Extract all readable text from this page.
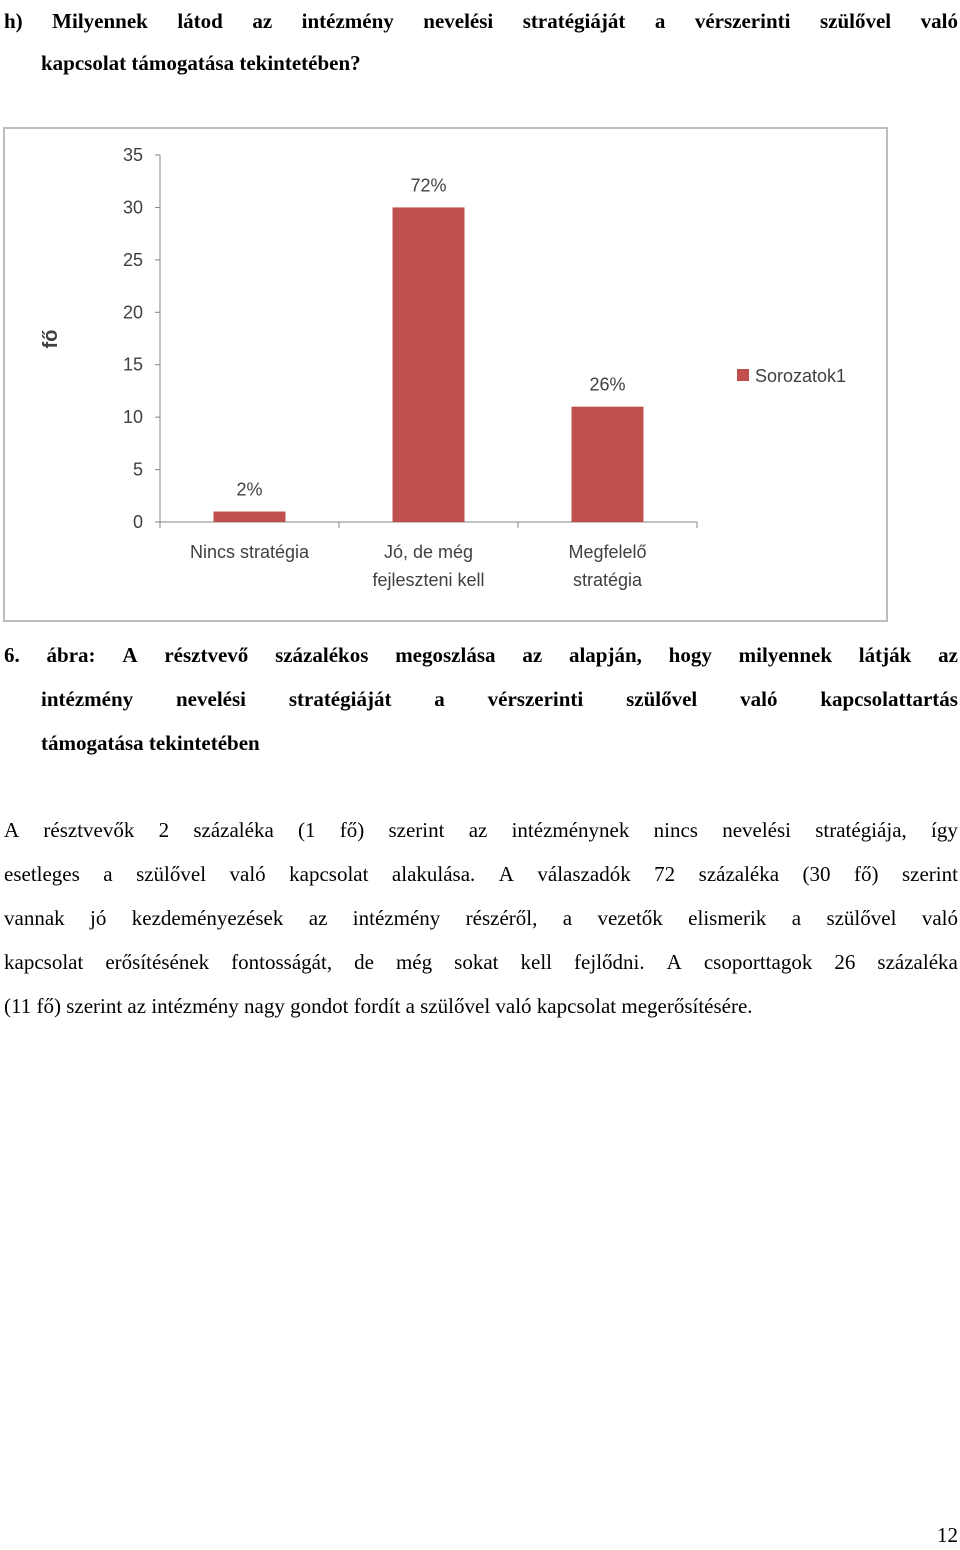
h) Milyennek látod az intézmény nevelési stratégiáját a vérszerinti szülővel való
kapcsolat támogatása tekintetében?
0
5
10
15
20
25
30
35
fő
2%
Nincs stratégia
72%
Jó, de még
fejleszteni kell
26%
Megfelelő
stratégia
Sorozatok1
6. ábra: A résztvevő százalékos megoszlása az alapján, hogy milyennek látják az
intézmény nevelési stratégiáját a vérszerinti szülővel való kapcsolattartás
támogatása tekintetében
A résztvevők 2 százaléka (1 fő) szerint az intézménynek nincs nevelési stratégiája, így
esetleges a szülővel való kapcsolat alakulása. A válaszadók 72 százaléka (30 fő) szerint
vannak jó kezdeményezések az intézmény részéről, a vezetők elismerik a szülővel való
kapcsolat erősítésének fontosságát, de még sokat kell fejlődni. A csoporttagok 26 százaléka
(11 fő) szerint az intézmény nagy gondot fordít a szülővel való kapcsolat megerősítésére.
12
